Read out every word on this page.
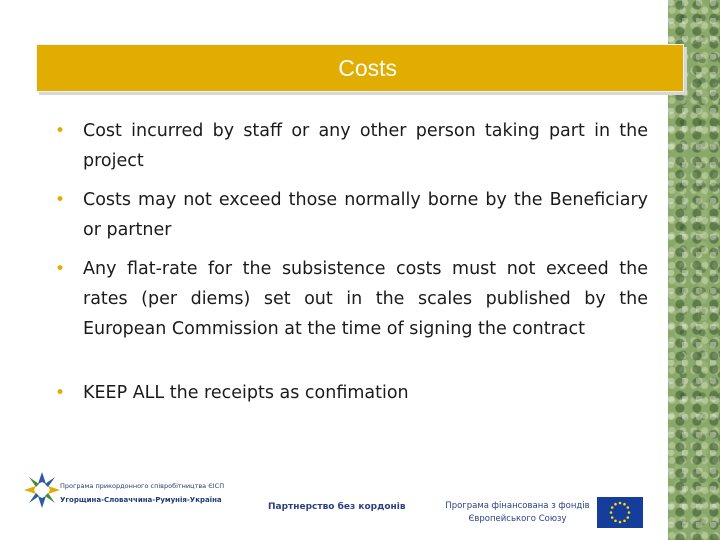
Costs
• Cost incurred by staff or any other person taking part in the project
• Costs may not exceed those normally borne by the Beneficiary or partner
• Any flat-rate for the subsistence costs must not exceed the rates (per diems) set out in the scales published by the European Commission at the time of signing the contract
• KEEP ALL the receipts as confimation
Програма прикордонного співробітництва ЄІСП
Угорщина-Словаччина-Румунія-Україна
Партнерство без кордонів	Програма фінансована з фондів
Європейського Союзу
